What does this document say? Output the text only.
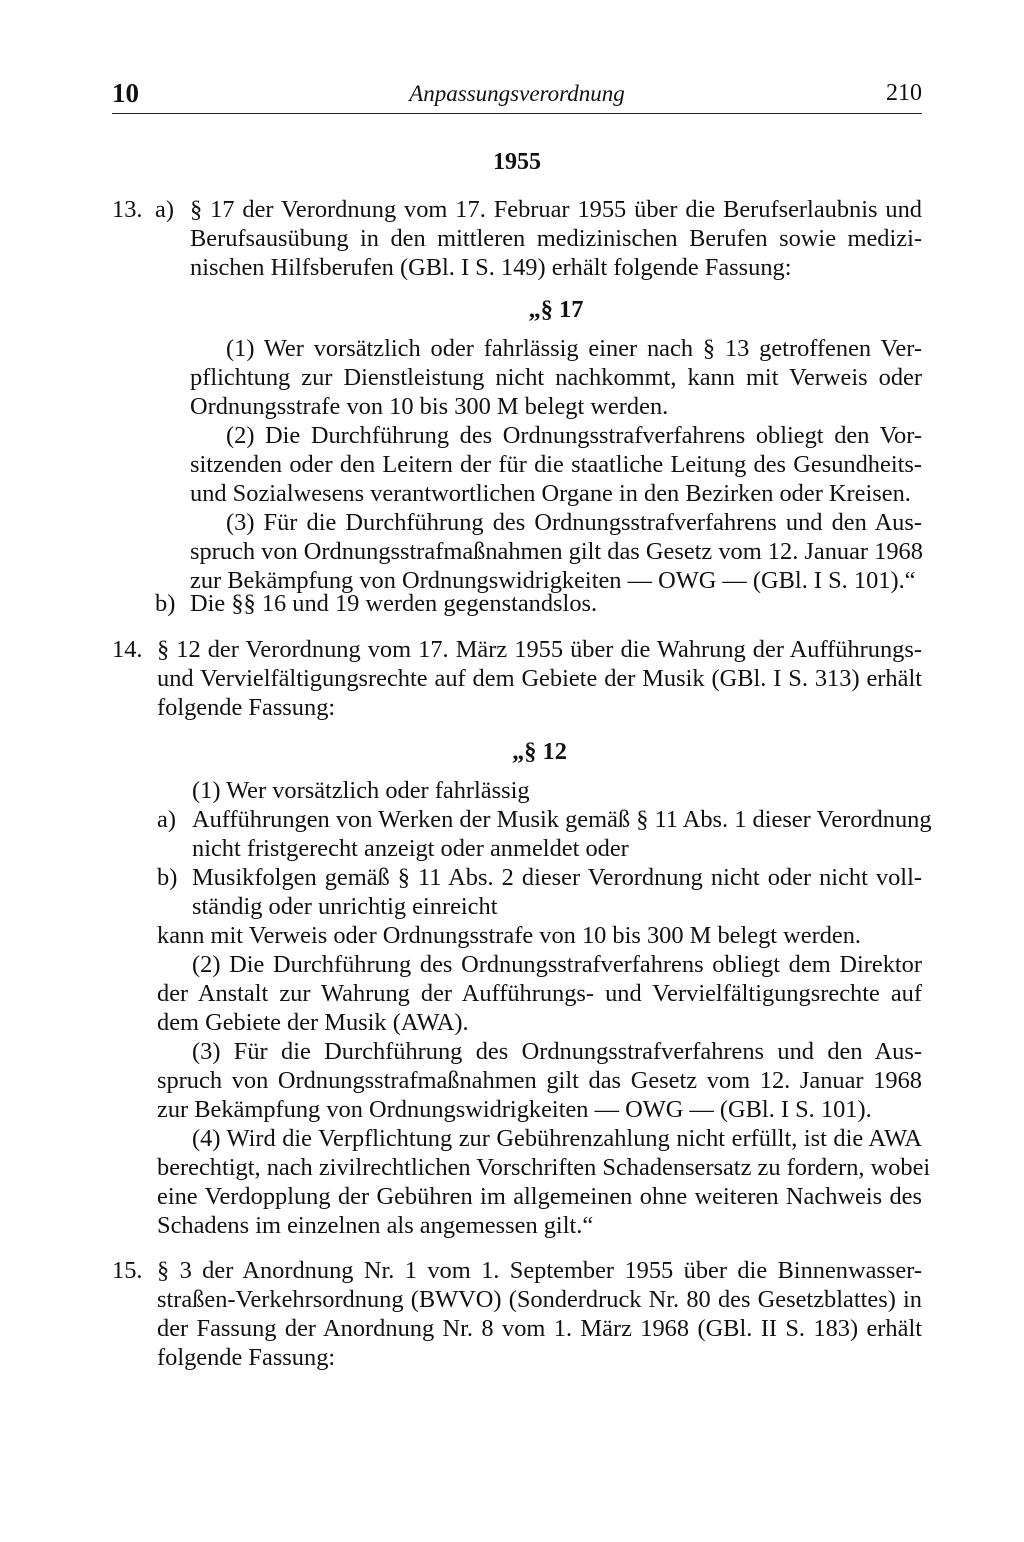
10	Anpassungsverordnung	210
1955
13. a) § 17 der Verordnung vom 17. Februar 1955 über die Berufserlaubnis und
Berufsausübung in den mittleren medizinischen Berufen sowie medizi-
nischen Hilfsberufen (GBl. I S. 149) erhält folgende Fassung:
„§ 17
(1) Wer vorsätzlich oder fahrlässig einer nach § 13 getroffenen Ver-
pflichtung zur Dienstleistung nicht nachkommt, kann mit Verweis oder
Ordnungsstrafe von 10 bis 300 M belegt werden.
(2) Die Durchführung des Ordnungsstrafverfahrens obliegt den Vor-
sitzenden oder den Leitern der für die staatliche Leitung des Gesundheits-
und Sozialwesens verantwortlichen Organe in den Bezirken oder Kreisen.
(3) Für die Durchführung des Ordnungsstrafverfahrens und den Aus-
spruch von Ordnungsstrafmaßnahmen gilt das Gesetz vom 12. Januar 1968
zur Bekämpfung von Ordnungswidrigkeiten — OWG — (GBl. I S. 101).“
b) Die §§ 16 und 19 werden gegenstandslos.
14. § 12 der Verordnung vom 17. März 1955 über die Wahrung der Aufführungs-
und Vervielfältigungsrechte auf dem Gebiete der Musik (GBl. I S. 313) erhält
folgende Fassung:
„§ 12
(1) Wer vorsätzlich oder fahrlässig
a) Aufführungen von Werken der Musik gemäß § 11 Abs. 1 dieser Verordnung
nicht fristgerecht anzeigt oder anmeldet oder
b) Musikfolgen gemäß § 11 Abs. 2 dieser Verordnung nicht oder nicht voll-
ständig oder unrichtig einreicht
kann mit Verweis oder Ordnungsstrafe von 10 bis 300 M belegt werden.
(2) Die Durchführung des Ordnungsstrafverfahrens obliegt dem Direktor
der Anstalt zur Wahrung der Aufführungs- und Vervielfältigungsrechte auf
dem Gebiete der Musik (AWA).
(3) Für die Durchführung des Ordnungsstrafverfahrens und den Aus-
spruch von Ordnungsstrafmaßnahmen gilt das Gesetz vom 12. Januar 1968
zur Bekämpfung von Ordnungswidrigkeiten — OWG — (GBl. I S. 101).
(4) Wird die Verpflichtung zur Gebührenzahlung nicht erfüllt, ist die AWA
berechtigt, nach zivilrechtlichen Vorschriften Schadensersatz zu fordern, wobei
eine Verdopplung der Gebühren im allgemeinen ohne weiteren Nachweis des
Schadens im einzelnen als angemessen gilt.“
15. § 3 der Anordnung Nr. 1 vom 1. September 1955 über die Binnenwasser-
straßen-Verkehrsordnung (BWVO) (Sonderdruck Nr. 80 des Gesetzblattes) in
der Fassung der Anordnung Nr. 8 vom 1. März 1968 (GBl. II S. 183) erhält
folgende Fassung:
